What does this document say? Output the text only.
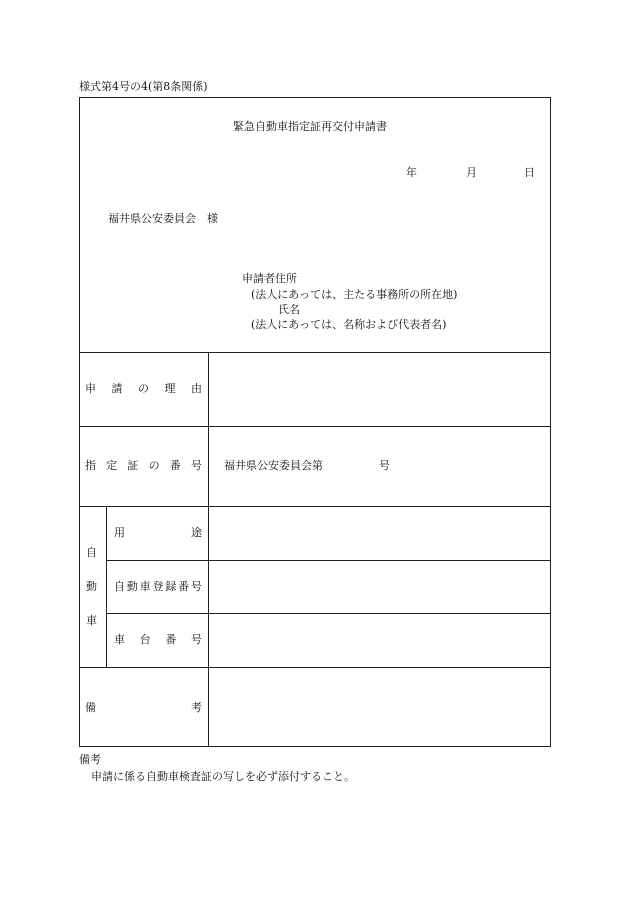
様式第4号の4(第8条関係)
緊急自動車指定証再交付申請書
年	月	日
福井県公安委員会　様
申請者住所
(法人にあっては、主たる事務所の所在地)
氏名
(法人にあっては、名称および代表者名)
申 請 の 理 由
指 定 証 の 番 号 福井県公安委員会第	号
自
動
車
用	途
自 動 車 登 録 番 号
車 台 番 号
備	考
備考
申請に係る自動車検査証の写しを必ず添付すること。
